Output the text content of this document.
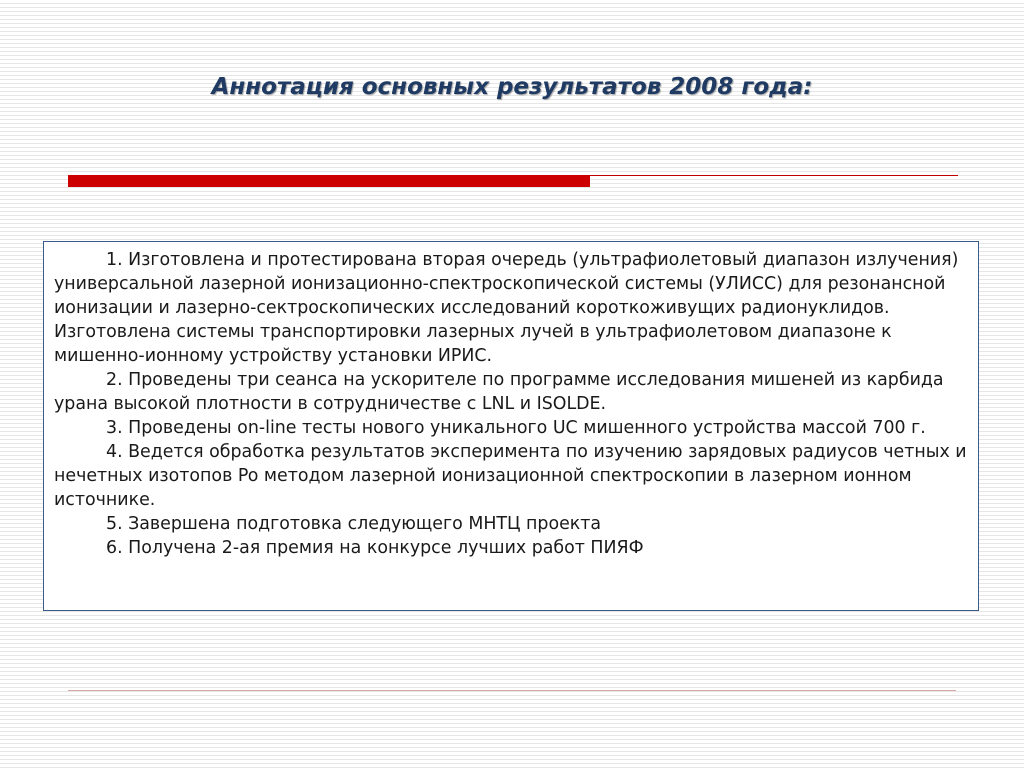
Аннотация основных результатов 2008 года:

1. Изготовлена и протестирована вторая очередь (ультрафиолетовый диапазон излучения) универсальной лазерной ионизационно-спектроскопической системы (УЛИСС) для резонансной ионизации и лазерно-сектроскопических исследований короткоживущих радионуклидов. Изготовлена системы транспортировки лазерных лучей в ультрафиолетовом диапазоне к мишенно-ионному устройству установки ИРИС.

2. Проведены три сеанса на ускорителе по программе исследования мишеней из карбида урана высокой плотности в сотрудничестве с LNL и ISOLDE.

3. Проведены on-line тесты нового уникального UC мишенного устройства массой 700 г.

4. Ведется обработка результатов эксперимента по изучению зарядовых радиусов четных и нечетных изотопов Po методом лазерной ионизационной спектроскопии в лазерном ионном источнике.

5. Завершена подготовка следующего МНТЦ проекта

6. Получена 2-ая премия на конкурсе лучших работ ПИЯФ
